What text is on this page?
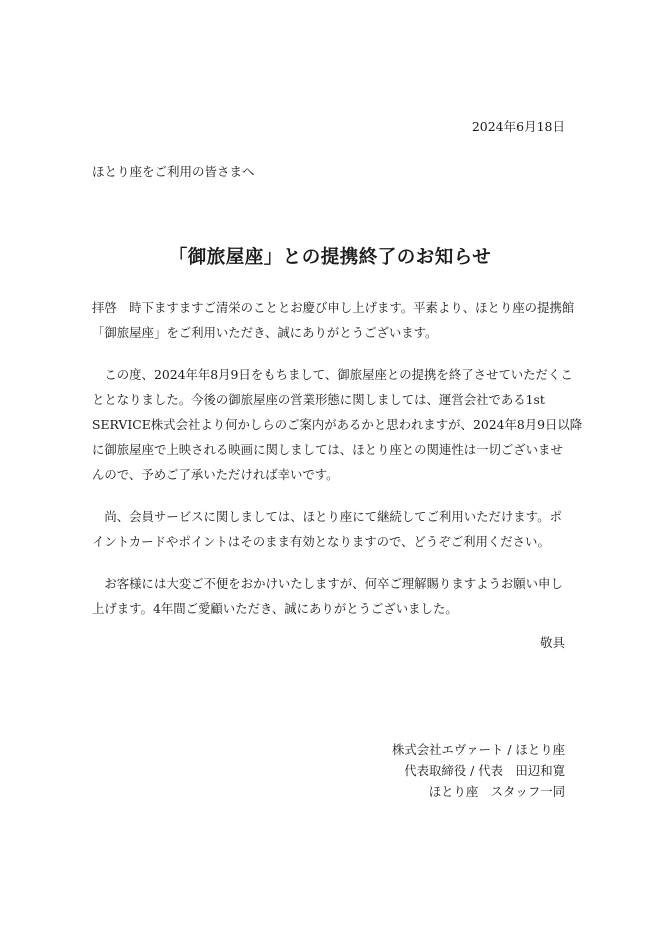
2024年6月18日
ほとり座をご利用の皆さまへ
「御旅屋座」との提携終了のお知らせ

拝啓　時下ますますご清栄のこととお慶び申し上げます。平素より、ほとり座の提携館
「御旅屋座」をご利用いただき、誠にありがとうございます。

　この度、2024年年8月9日をもちまして、御旅屋座との提携を終了させていただくこ
ととなりました。今後の御旅屋座の営業形態に関しましては、運営会社である1st
SERVICE株式会社より何かしらのご案内があるかと思われますが、2024年8月9日以降
に御旅屋座で上映される映画に関しましては、ほとり座との関連性は一切ございませ
んので、予めご了承いただければ幸いです。

　尚、会員サービスに関しましては、ほとり座にて継続してご利用いただけます。ポ
イントカードやポイントはそのまま有効となりますので、どうぞご利用ください。

　お客様には大変ご不便をおかけいたしますが、何卒ご理解賜りますようお願い申し
上げます。4年間ご愛顧いただき、誠にありがとうございました。

敬具
株式会社エヴァート / ほとり座
代表取締役 / 代表　田辺和寛
ほとり座　スタッフ一同
